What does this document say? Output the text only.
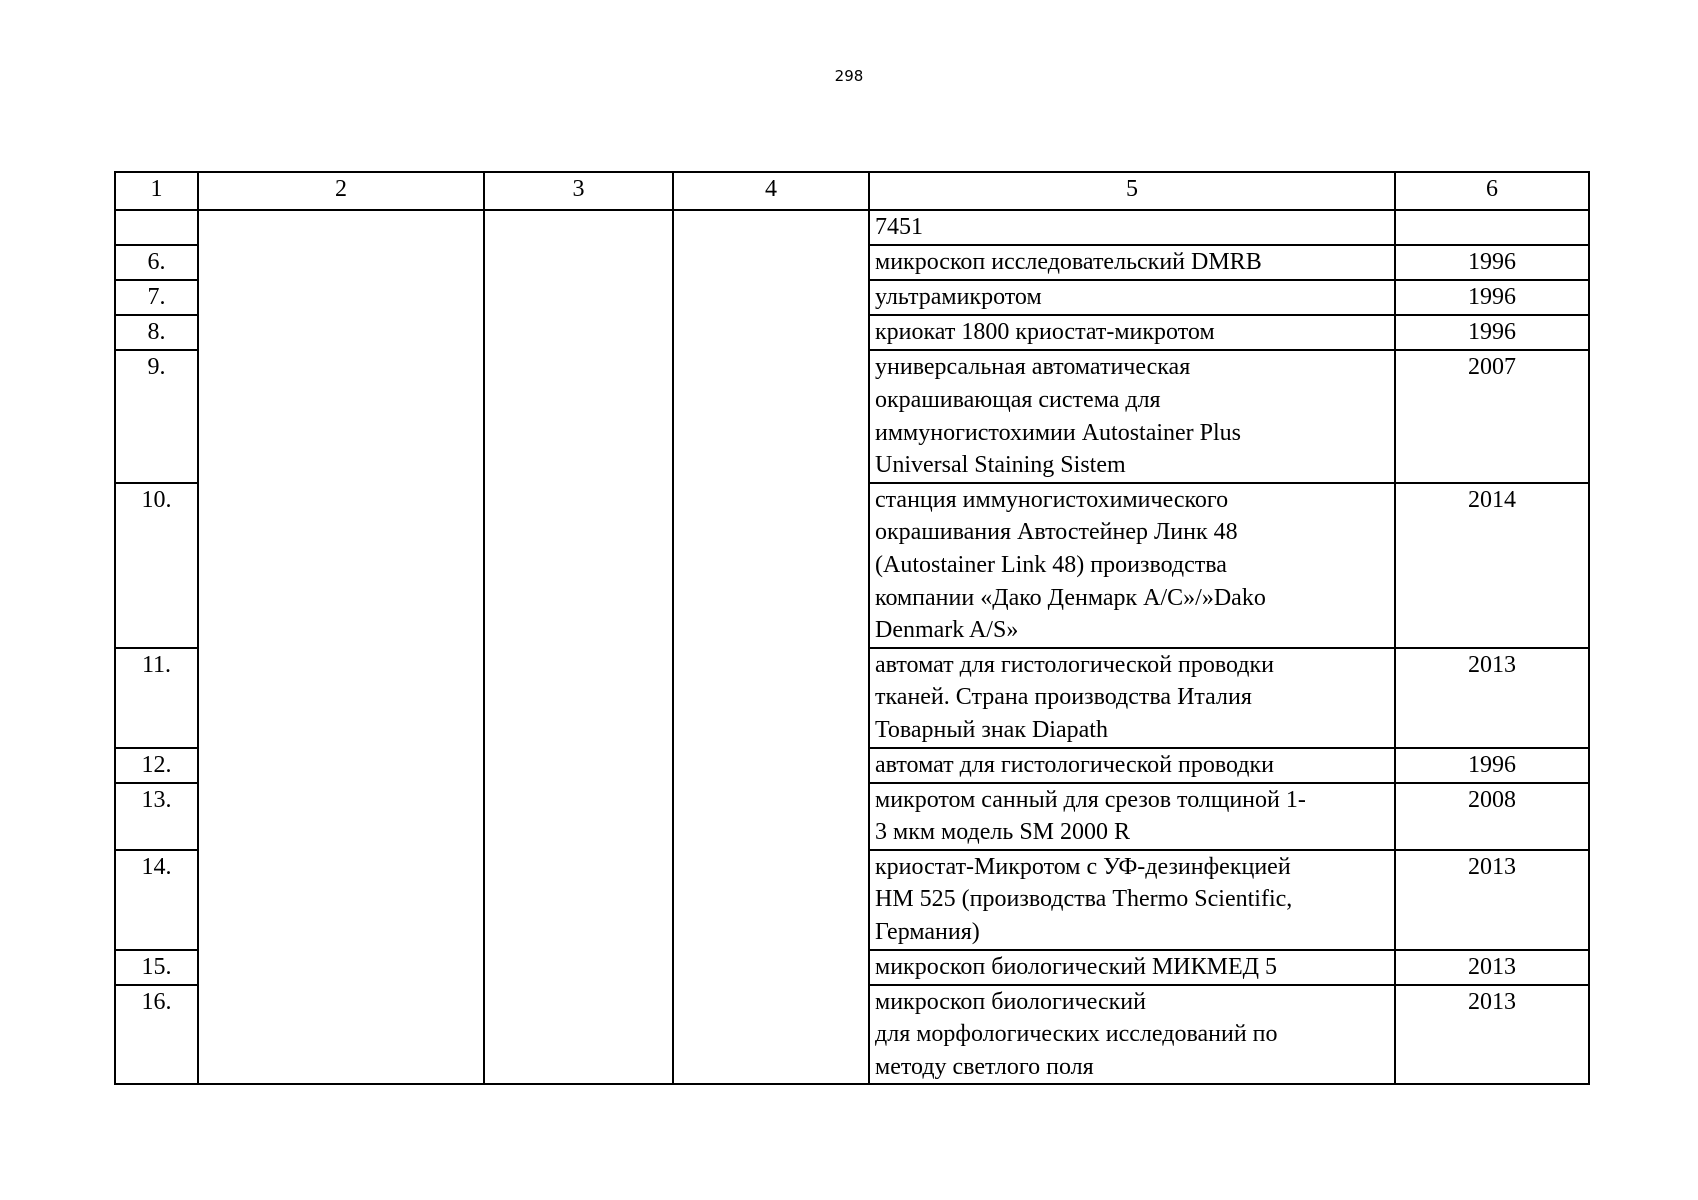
298
1	2	3	4	5	6

				7451	

6.				микроскоп исследовательский DMRB	1996
7.				ультрамикротом	1996
8.				криокат 1800 криостат-микротом	1996
9.				универсальная автоматическая
окрашивающая система для
иммуногистохимии Autostainer Plus
Universal Staining Sistem	2007
10.				станция иммуногистохимического
окрашивания Автостейнер Линк 48
(Autostainer Link 48) производства
компании «Дако Денмарк А/С»/»Dako
Denmark A/S»	2014
11.				автомат для гистологической проводки
тканей. Страна производства Италия
Товарный знак Diapath	2013
12.				автомат для гистологической проводки	1996
13.				микротом санный для срезов толщиной 1-
3 мкм модель SM 2000 R	2008
14.				криостат-Микротом с УФ-дезинфекцией
HM 525 (производства Thermo Scientific,
Германия)	2013
15.				микроскоп биологический МИКМЕД 5	2013
16.				микроскоп биологический
для морфологических исследований по
методу светлого поля	2013
